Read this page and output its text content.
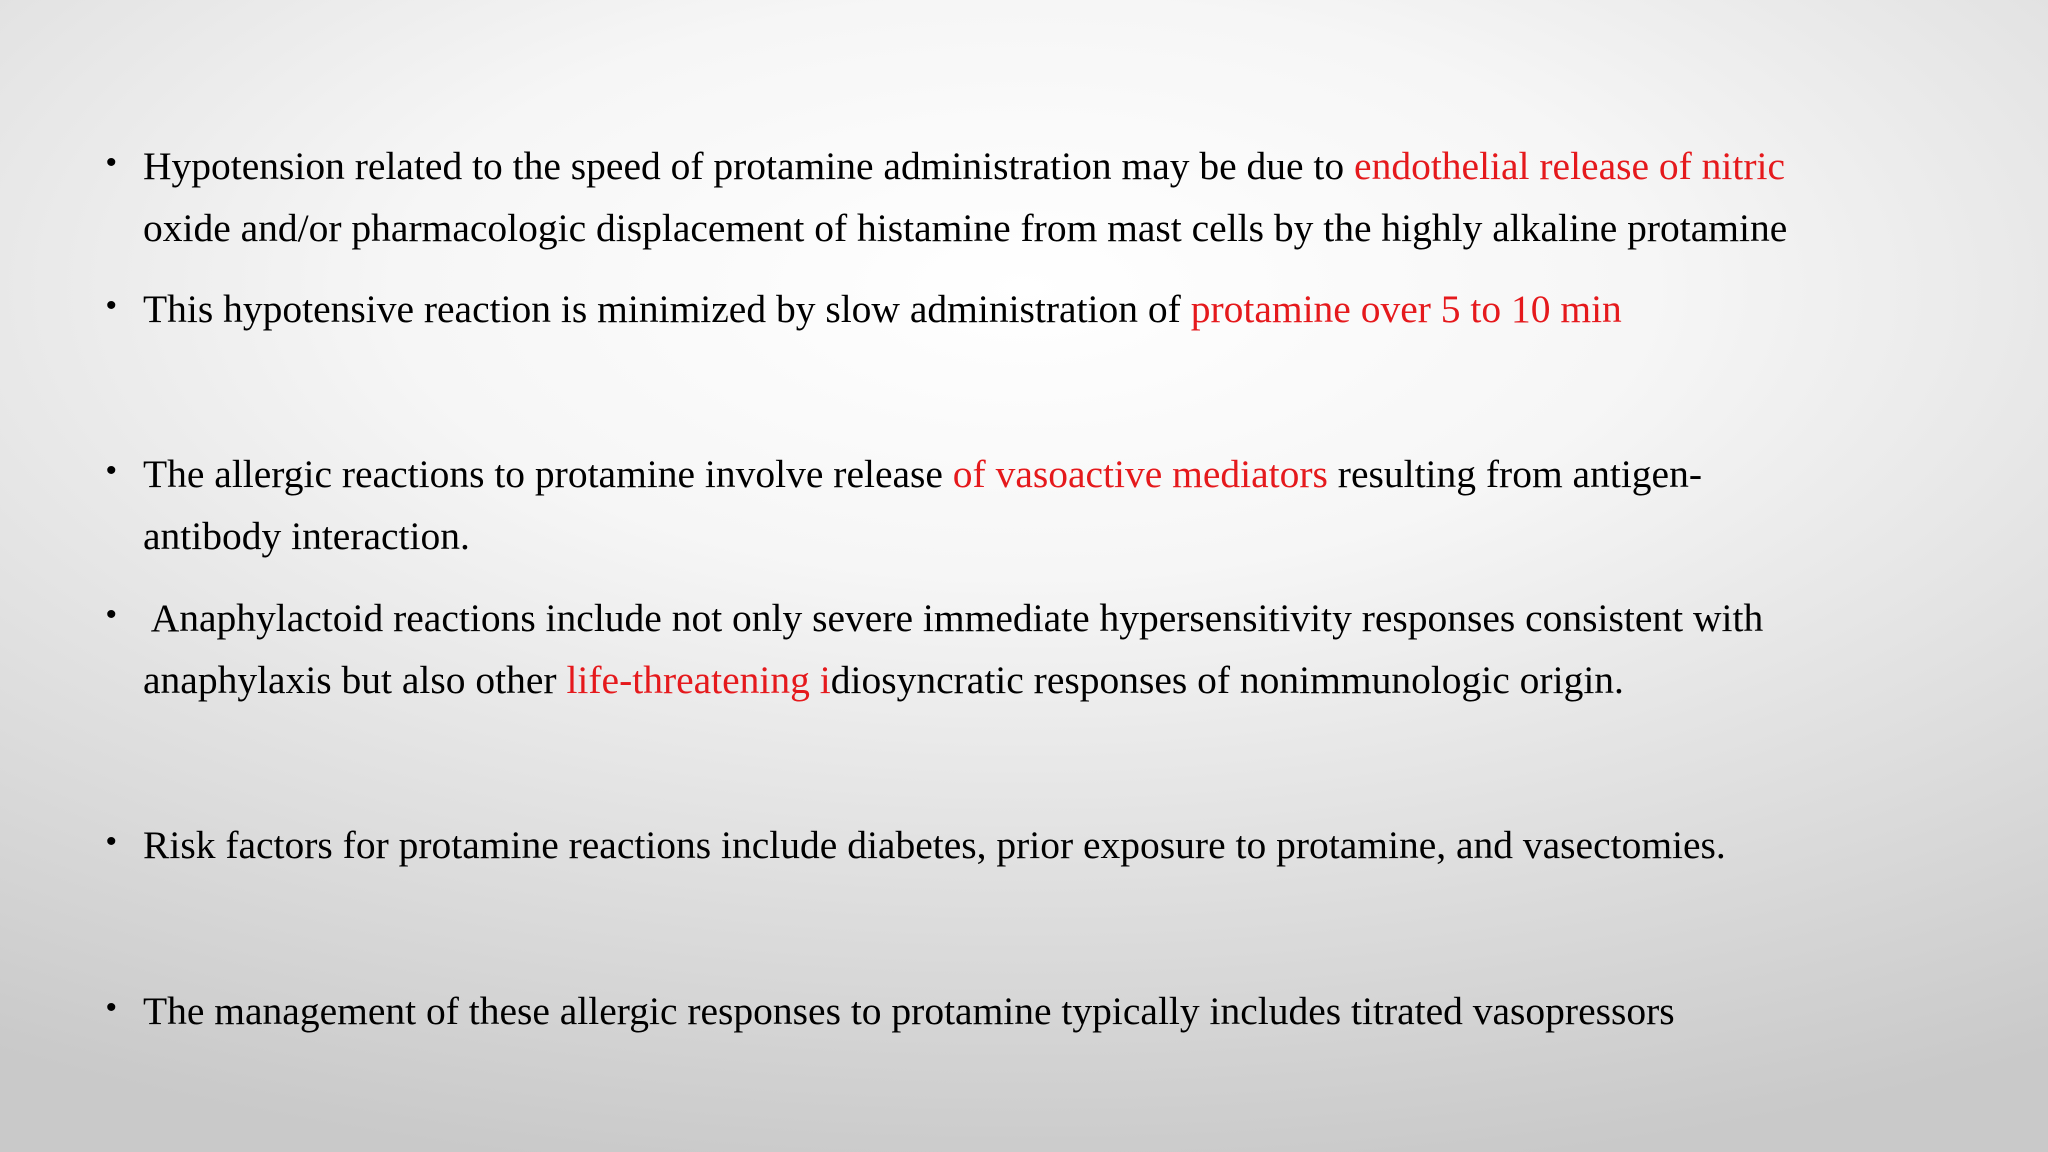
• Hypotension related to the speed of protamine administration may be due to endothelial release of nitric
oxide and/or pharmacologic displacement of histamine from mast cells by the highly alkaline protamine
• This hypotensive reaction is minimized by slow administration of protamine over 5 to 10 min
• The allergic reactions to protamine involve release of vasoactive mediators resulting from antigen-
antibody interaction.
•  Anaphylactoid reactions include not only severe immediate hypersensitivity responses consistent with
anaphylaxis but also other life-threatening idiosyncratic responses of nonimmunologic origin.
• Risk factors for protamine reactions include diabetes, prior exposure to protamine, and vasectomies.
• The management of these allergic responses to protamine typically includes titrated vasopressors
